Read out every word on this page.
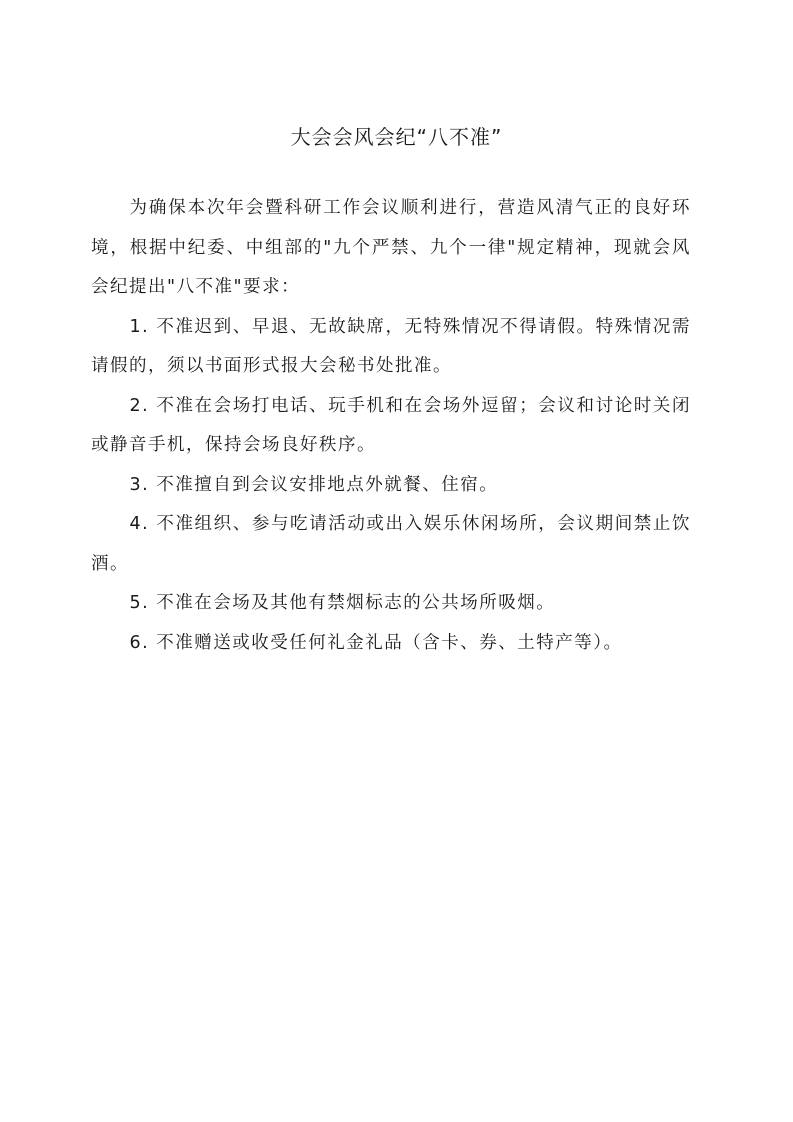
大会会风会纪“八不准”

为确保本次年会暨科研工作会议顺利进行，营造风清气正的良好环境，根据中纪委、中组部的"九个严禁、九个一律"规定精神，现就会风会纪提出"八不准"要求：

1. 不准迟到、早退、无故缺席，无特殊情况不得请假。特殊情况需请假的，须以书面形式报大会秘书处批准。

2. 不准在会场打电话、玩手机和在会场外逗留；会议和讨论时关闭或静音手机，保持会场良好秩序。

3. 不准擅自到会议安排地点外就餐、住宿。

4. 不准组织、参与吃请活动或出入娱乐休闲场所，会议期间禁止饮酒。

5. 不准在会场及其他有禁烟标志的公共场所吸烟。

6. 不准赠送或收受任何礼金礼品（含卡、券、土特产等）。
